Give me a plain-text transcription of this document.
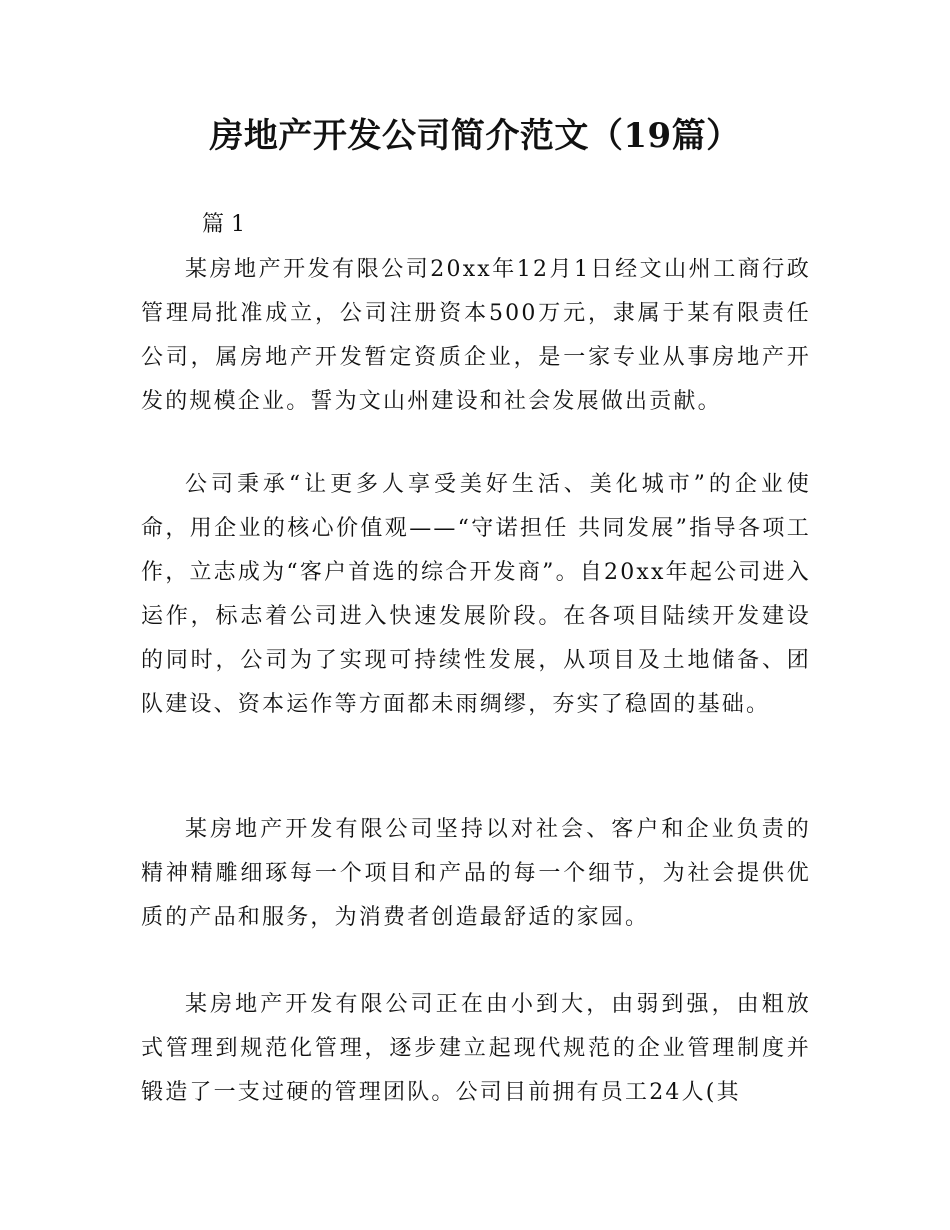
房地产开发公司简介范文（19篇）

篇 1

某房地产开发有限公司20xx年12月1日经文山州工商行政管理局批准成立，公司注册资本500万元，隶属于某有限责任公司，属房地产开发暂定资质企业，是一家专业从事房地产开发的规模企业。誓为文山州建设和社会发展做出贡献。

公司秉承“让更多人享受美好生活、美化城市”的企业使命，用企业的核心价值观——“守诺担任 共同发展”指导各项工作，立志成为“客户首选的综合开发商”。自20xx年起公司进入运作，标志着公司进入快速发展阶段。在各项目陆续开发建设的同时，公司为了实现可持续性发展，从项目及土地储备、团队建设、资本运作等方面都未雨绸缪，夯实了稳固的基础。

某房地产开发有限公司坚持以对社会、客户和企业负责的精神精雕细琢每一个项目和产品的每一个细节，为社会提供优质的产品和服务，为消费者创造最舒适的家园。

某房地产开发有限公司正在由小到大，由弱到强，由粗放式管理到规范化管理，逐步建立起现代规范的企业管理制度并锻造了一支过硬的管理团队。公司目前拥有员工24人(其
